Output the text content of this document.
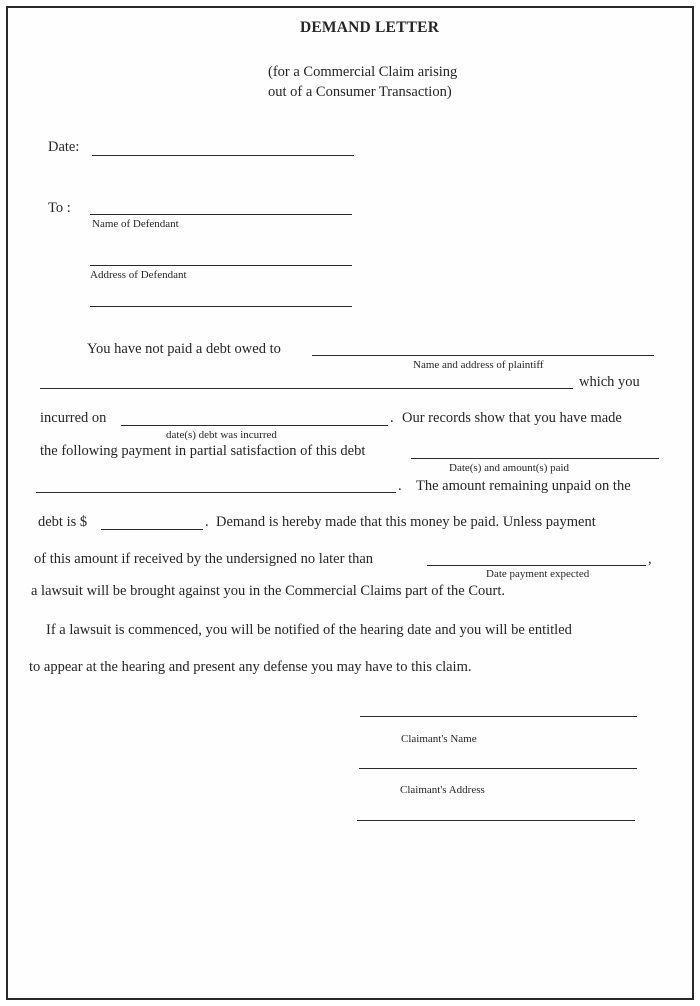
DEMAND LETTER
(for a Commercial Claim arising
out of a Consumer Transaction)
Date:
To :
Name of Defendant
Address of Defendant
You have not paid a debt owed to
Name and address of plaintiff
which you
incurred on	. Our records show that you have made
date(s) debt was incurred
the following payment in partial satisfaction of this debt
Date(s) and amount(s) paid
. The amount remaining unpaid on the
debt is $	. Demand is hereby made that this money be paid. Unless payment
of this amount if received by the undersigned no later than	,
Date payment expected
a lawsuit will be brought against you in the Commercial Claims part of the Court.
If a lawsuit is commenced, you will be notified of the hearing date and you will be entitled
to appear at the hearing and present any defense you may have to this claim.
Claimant's Name
Claimant's Address
